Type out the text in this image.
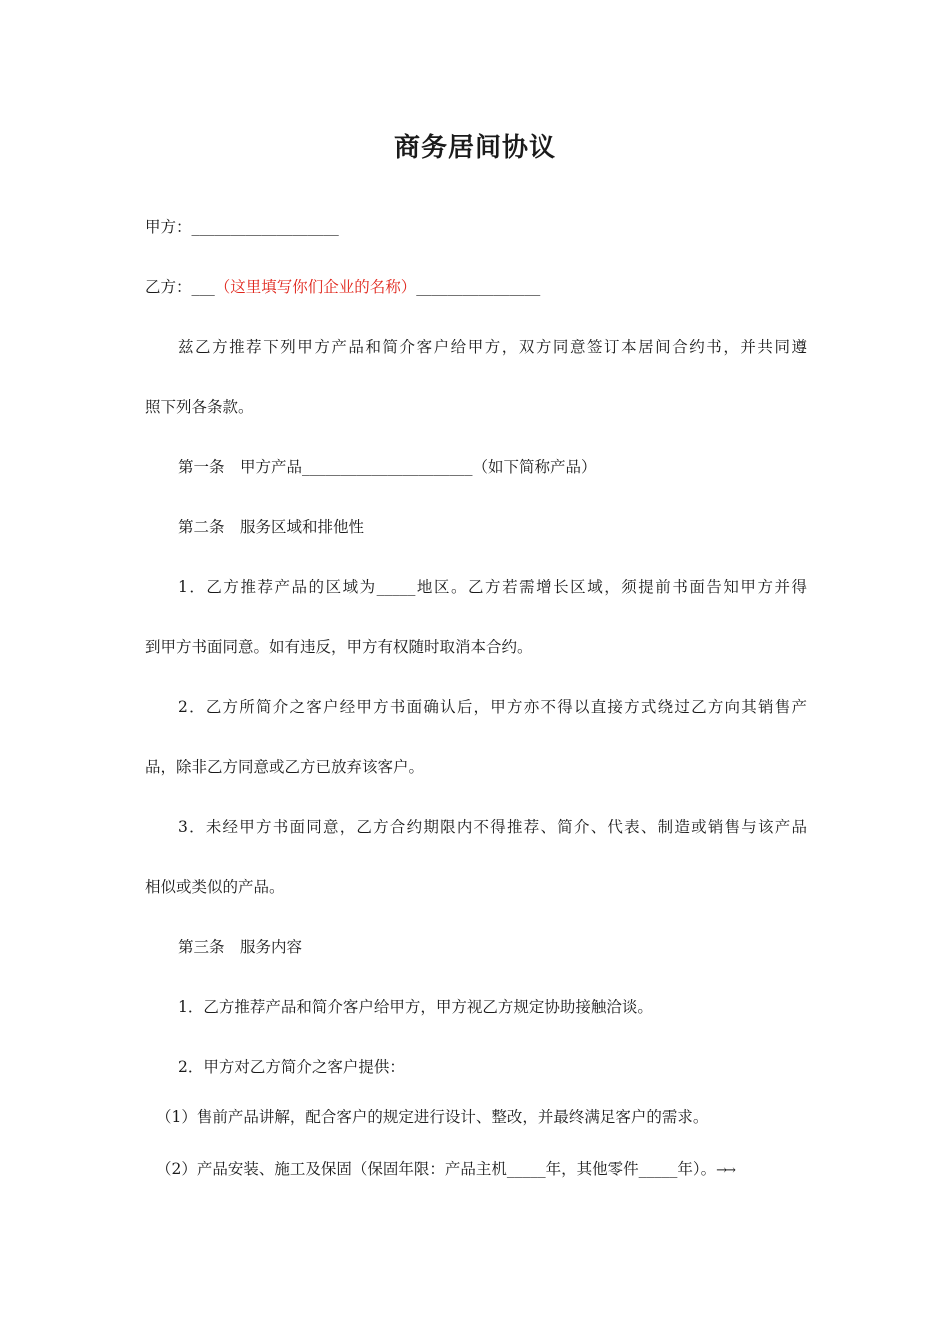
商务居间协议

甲方：___________________

乙方：___（这里填写你们企业的名称）________________

兹乙方推荐下列甲方产品和简介客户给甲方，双方同意签订本居间合约书，并共同遵

照下列各条款。

第一条　甲方产品______________________（如下简称产品）

第二条　服务区域和排他性

1．乙方推荐产品的区域为_____地区。乙方若需增长区域，须提前书面告知甲方并得

到甲方书面同意。如有违反，甲方有权随时取消本合约。

2．乙方所简介之客户经甲方书面确认后，甲方亦不得以直接方式绕过乙方向其销售产

品，除非乙方同意或乙方已放弃该客户。

3．未经甲方书面同意，乙方合约期限内不得推荐、简介、代表、制造或销售与该产品

相似或类似的产品。

第三条　服务内容

1．乙方推荐产品和简介客户给甲方，甲方视乙方规定协助接触洽谈。

2．甲方对乙方简介之客户提供：

（1）售前产品讲解，配合客户的规定进行设计、整改，并最终满足客户的需求。

（2）产品安装、施工及保固（保固年限：产品主机_____年，其他零件_____年）。→→
